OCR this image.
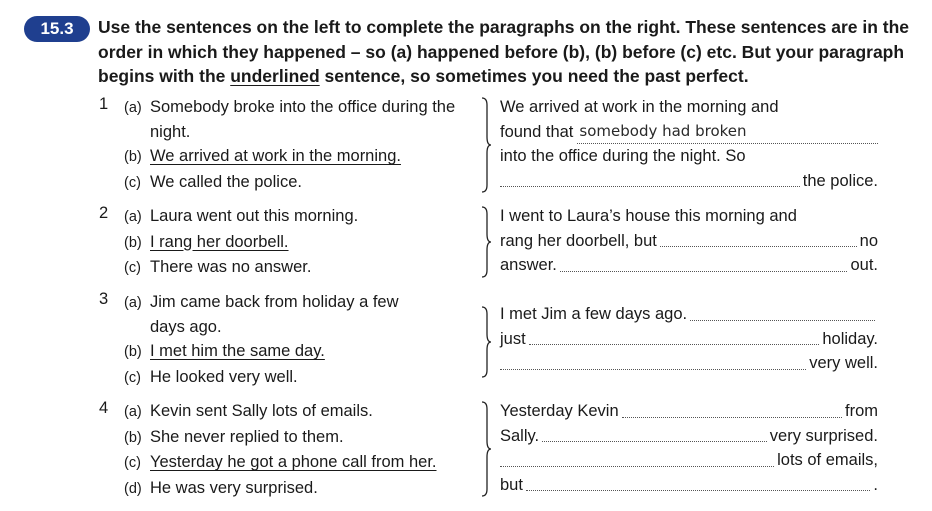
15.3	Use the sentences on the left to complete the paragraphs on the right. These sentences are in the order in which they happened – so (a) happened before (b), (b) before (c) etc. But your paragraph begins with the underlined sentence, so sometimes you need the past perfect.
1 (a) Somebody broke into the office during the night.
(b) We arrived at work in the morning.
(c) We called the police.
We arrived at work in the morning and
found that somebody had broken
into the office during the night. So
the police.
2 (a) Laura went out this morning.
(b) I rang her doorbell.
(c) There was no answer.
I went to Laura’s house this morning and
rang her doorbell, but	no
answer.	out.
3 (a) Jim came back from holiday a few days ago.
(b) I met him the same day.
(c) He looked very well.
I met Jim a few days ago.
just	holiday.
very well.
4 (a) Kevin sent Sally lots of emails.
(b) She never replied to them.
(c) Yesterday he got a phone call from her.
(d) He was very surprised.
Yesterday Kevin	from
Sally.	very surprised.
lots of emails,
but	.
